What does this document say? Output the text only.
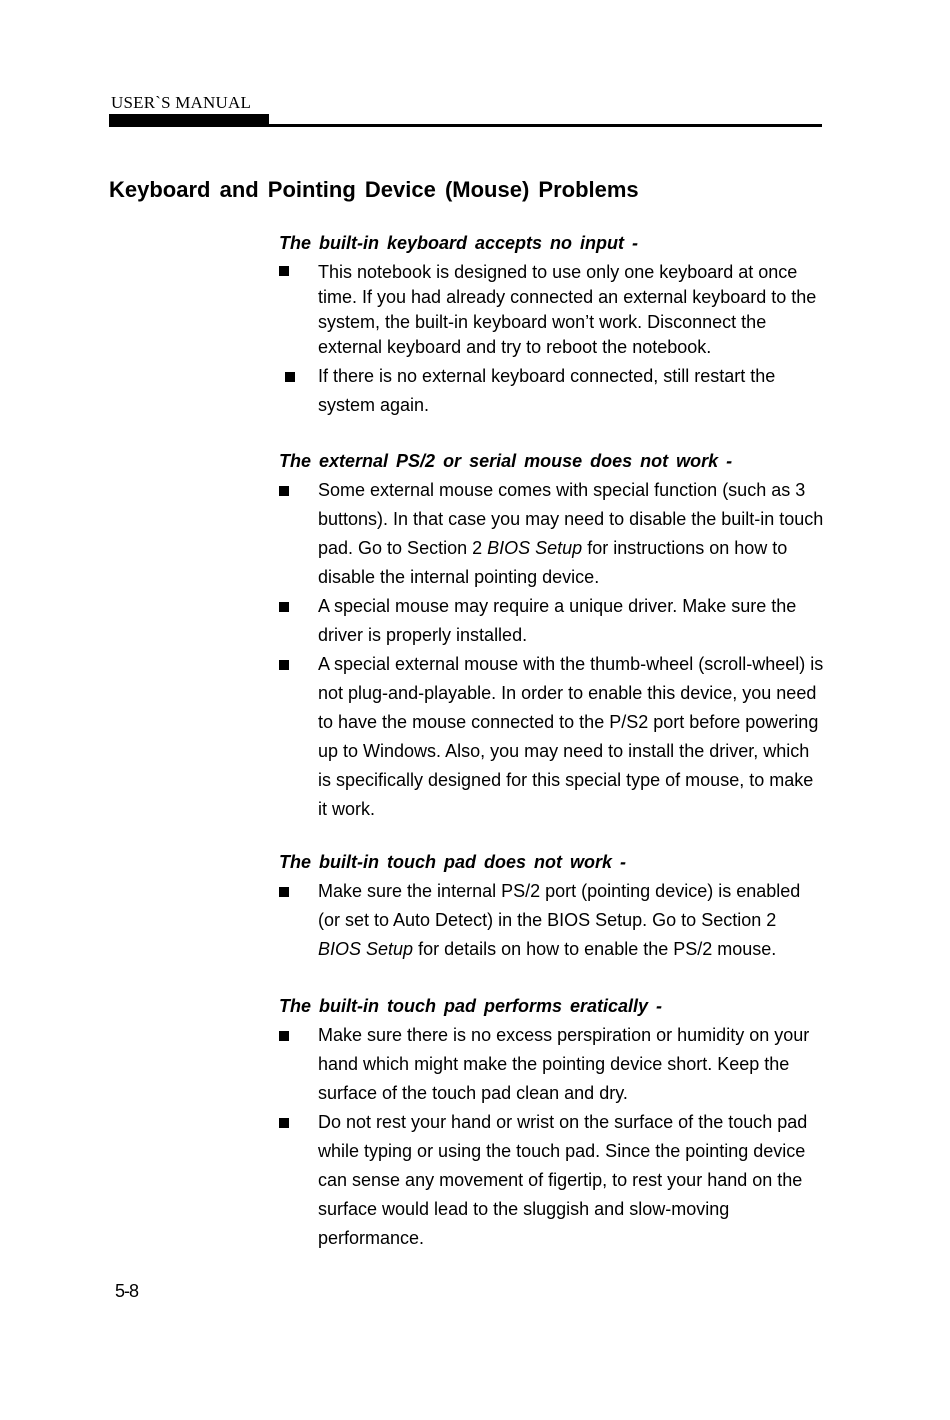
USER`S MANUAL
Keyboard and Pointing Device (Mouse) Problems
The built-in keyboard accepts no input -
This notebook is designed to use only one keyboard at once time. If you had already connected an external keyboard to the system, the built-in keyboard won’t work. Disconnect the external keyboard and try to reboot the notebook.
If there is no external keyboard connected, still restart the system again.
The external PS/2 or serial mouse does not work -
Some external mouse comes with special function (such as 3 buttons). In that case you may need to disable the built-in touch pad. Go to Section 2 BIOS Setup for instructions on how to disable the internal pointing device.
A special mouse may require a unique driver. Make sure the driver is properly installed.
A special external mouse with the thumb-wheel (scroll-wheel) is not plug-and-playable. In order to enable this device, you need to have the mouse connected to the P/S2 port before powering up to Windows. Also, you may need to install the driver, which is specifically designed for this special type of mouse, to make it work.
The built-in touch pad does not work -
Make sure the internal PS/2 port (pointing device) is enabled (or set to Auto Detect) in the BIOS Setup. Go to Section 2 BIOS Setup for details on how to enable the PS/2 mouse.
The built-in touch pad performs eratically -
Make sure there is no excess perspiration or humidity on your hand which might make the pointing device short. Keep the surface of the touch pad clean and dry.
Do not rest your hand or wrist on the surface of the touch pad while typing or using the touch pad. Since the pointing device can sense any movement of figertip, to rest your hand on the surface would lead to the sluggish and slow-moving performance.
5-8
